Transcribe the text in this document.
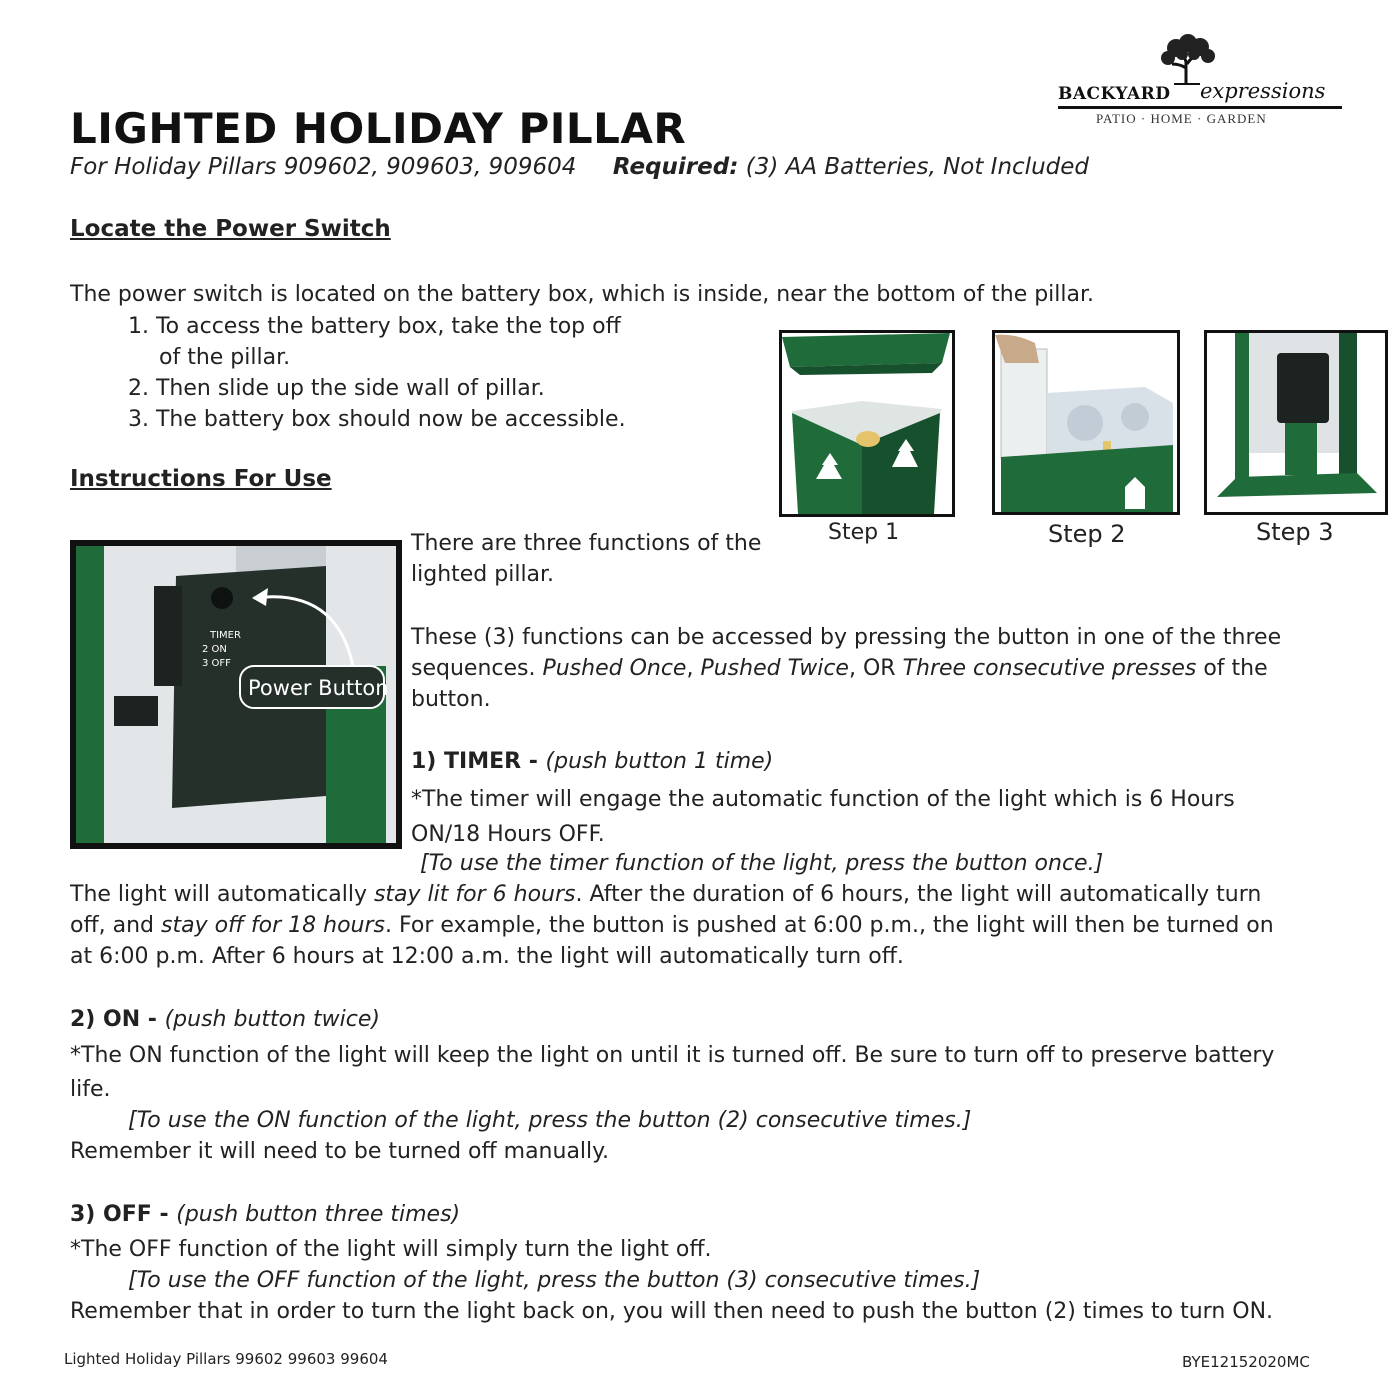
BACKYARD expressions
PATIO · HOME · GARDEN
LIGHTED HOLIDAY PILLAR
For Holiday Pillars 909602, 909603, 909604 Required: (3) AA Batteries, Not Included
Locate the Power Switch
The power switch is located on the battery box, which is inside, near the bottom of the pillar.
1. To access the battery box, take the top off
of the pillar.
2. Then slide up the side wall of pillar.
3. The battery box should now be accessible.
Step 1	Step 2	Step 3
Instructions For Use
TIMER
2 ON
3 OFF
Power Button
There are three functions of the
lighted pillar.
These (3) functions can be accessed by pressing the button in one of the three
sequences. Pushed Once, Pushed Twice, OR Three consecutive presses of the
button.
1) TIMER - (push button 1 time)
*The timer will engage the automatic function of the light which is 6 Hours
ON/18 Hours OFF.
[To use the timer function of the light, press the button once.]
The light will automatically stay lit for 6 hours. After the duration of 6 hours, the light will automatically turn
off, and stay off for 18 hours. For example, the button is pushed at 6:00 p.m., the light will then be turned on
at 6:00 p.m. After 6 hours at 12:00 a.m. the light will automatically turn off.
2) ON - (push button twice)
*The ON function of the light will keep the light on until it is turned off. Be sure to turn off to preserve battery
life.
[To use the ON function of the light, press the button (2) consecutive times.]
Remember it will need to be turned off manually.
3) OFF - (push button three times)
*The OFF function of the light will simply turn the light off.
[To use the OFF function of the light, press the button (3) consecutive times.]
Remember that in order to turn the light back on, you will then need to push the button (2) times to turn ON.
Lighted Holiday Pillars 99602 99603 99604	BYE12152020MC
